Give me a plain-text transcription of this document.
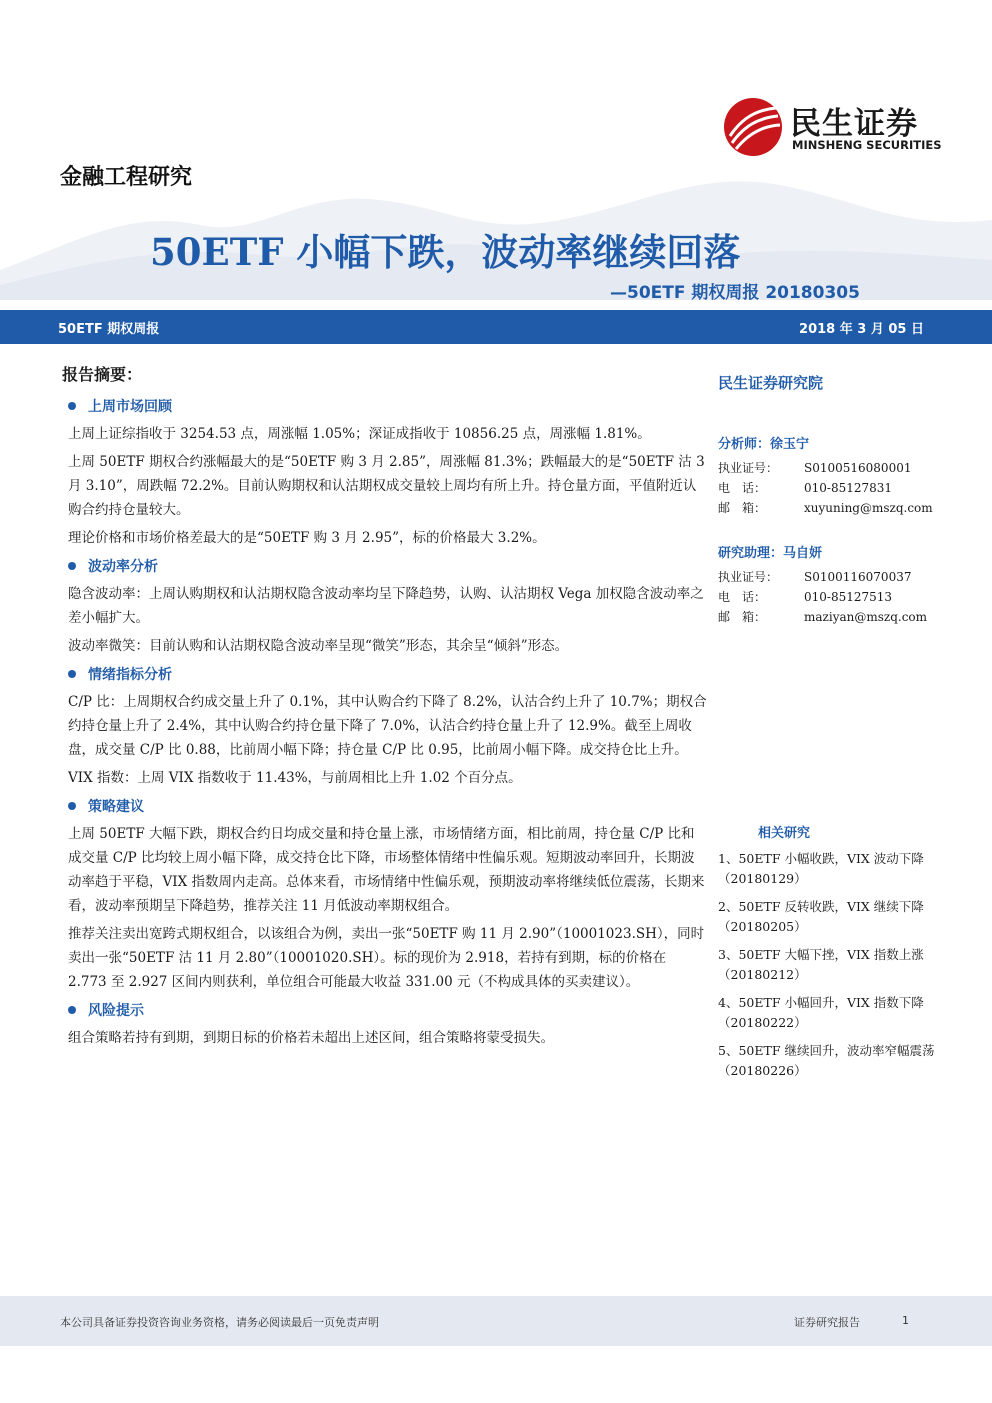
民生证券
MINSHENG SECURITIES
金融工程研究
50ETF 小幅下跌，波动率继续回落
—50ETF 期权周报 20180305
50ETF 期权周报	2018 年 3 月 05 日
报告摘要：
上周市场回顾

上周上证综指收于 3254.53 点，周涨幅 1.05%；深证成指收于 10856.25 点，周涨幅 1.81%。

上周 50ETF 期权合约涨幅最大的是“50ETF 购 3 月 2.85”，周涨幅 81.3%；跌幅最大的是“50ETF 沽 3 月 3.10”，周跌幅 72.2%。目前认购期权和认沽期权成交量较上周均有所上升。持仓量方面，平值附近认购合约持仓量较大。

理论价格和市场价格差最大的是“50ETF 购 3 月 2.95”，标的价格最大 3.2%。

波动率分析

隐含波动率：上周认购期权和认沽期权隐含波动率均呈下降趋势，认购、认沽期权 Vega 加权隐含波动率之差小幅扩大。

波动率微笑：目前认购和认沽期权隐含波动率呈现“微笑”形态，其余呈“倾斜”形态。

情绪指标分析

C/P 比：上周期权合约成交量上升了 0.1%，其中认购合约下降了 8.2%，认沽合约上升了 10.7%；期权合约持仓量上升了 2.4%，其中认购合约持仓量下降了 7.0%，认沽合约持仓量上升了 12.9%。截至上周收盘，成交量 C/P 比 0.88，比前周小幅下降；持仓量 C/P 比 0.95，比前周小幅下降。成交持仓比上升。

VIX 指数：上周 VIX 指数收于 11.43%，与前周相比上升 1.02 个百分点。

策略建议

上周 50ETF 大幅下跌，期权合约日均成交量和持仓量上涨，市场情绪方面，相比前周，持仓量 C/P 比和成交量 C/P 比均较上周小幅下降，成交持仓比下降，市场整体情绪中性偏乐观。短期波动率回升，长期波动率趋于平稳，VIX 指数周内走高。总体来看，市场情绪中性偏乐观，预期波动率将继续低位震荡，长期来看，波动率预期呈下降趋势，推荐关注 11 月低波动率期权组合。

推荐关注卖出宽跨式期权组合，以该组合为例，卖出一张“50ETF 购 11 月 2.90”（10001023.SH），同时卖出一张“50ETF 沽 11 月 2.80”（10001020.SH）。标的现价为 2.918，若持有到期，标的价格在 2.773 至 2.927 区间内则获利，单位组合可能最大收益 331.00 元（不构成具体的买卖建议）。

风险提示

组合策略若持有到期，到期日标的价格若未超出上述区间，组合策略将蒙受损失。

民生证券研究院
分析师：徐玉宁
执业证号： S0100516080001
电　话：	010-85127831
邮　箱：	xuyuning@mszq.com
研究助理：马自妍
执业证号： S0100116070037
电　话：	010-85127513
邮　箱：	maziyan@mszq.com
相关研究
1、50ETF 小幅收跌，VIX 波动下降（20180129）
2、50ETF 反转收跌，VIX 继续下降（20180205）
3、50ETF 大幅下挫，VIX 指数上涨（20180212）
4、50ETF 小幅回升，VIX 指数下降（20180222）
5、50ETF 继续回升，波动率窄幅震荡（20180226）
本公司具备证券投资咨询业务资格，请务必阅读最后一页免责声明	证券研究报告	1
